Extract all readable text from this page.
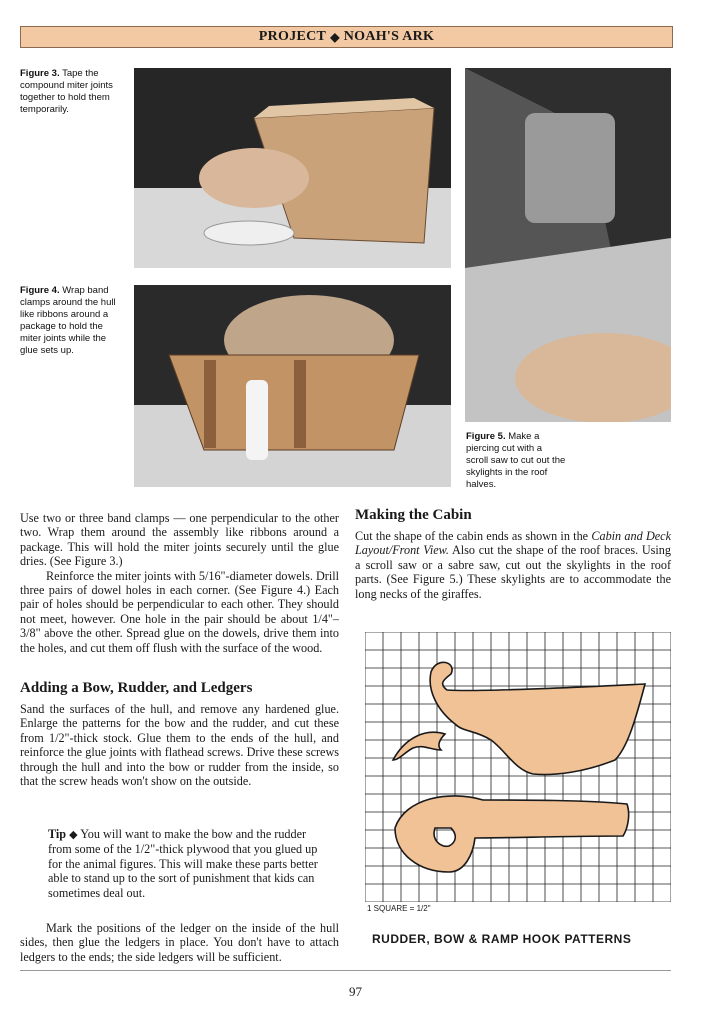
PROJECT ◆ NOAH'S ARK
Figure 3. Tape the compound miter joints together to hold them temporarily.
Figure 4. Wrap band clamps around the hull like ribbons around a package to hold the miter joints while the glue sets up.
Figure 5. Make a piercing cut with a scroll saw to cut out the skylights in the roof halves.

Use two or three band clamps — one perpendicular to the other two. Wrap them around the assembly like ribbons around a package. This will hold the miter joints securely until the glue dries. (See Figure 3.)

Reinforce the miter joints with 5/16"-diameter dowels. Drill three pairs of dowel holes in each corner. (See Figure 4.) Each pair of holes should be perpendicular to each other. They should not meet, however. One hole in the pair should be about 1/4"–3/8" above the other. Spread glue on the dowels, drive them into the holes, and cut them off flush with the surface of the wood.

Adding a Bow, Rudder, and Ledgers

Sand the surfaces of the hull, and remove any hardened glue. Enlarge the patterns for the bow and the rudder, and cut these from 1/2"-thick stock. Glue them to the ends of the hull, and reinforce the glue joints with flathead screws. Drive these screws through the hull and into the bow or rudder from the inside, so that the screw heads won't show on the outside.

Tip ◆ You will want to make the bow and the rudder from some of the 1/2"-thick plywood that you glued up for the animal figures. This will make these parts better able to stand up to the sort of punishment that kids can sometimes deal out.

Mark the positions of the ledger on the inside of the hull sides, then glue the ledgers in place. You don't have to attach ledgers to the ends; the side ledgers will be sufficient.

Making the Cabin

Cut the shape of the cabin ends as shown in the Cabin and Deck Layout/Front View. Also cut the shape of the roof braces. Using a scroll saw or a sabre saw, cut out the skylights in the roof parts. (See Figure 5.) These skylights are to accommodate the long necks of the giraffes.

1 SQUARE = 1/2"
RUDDER, BOW & RAMP HOOK PATTERNS
97
